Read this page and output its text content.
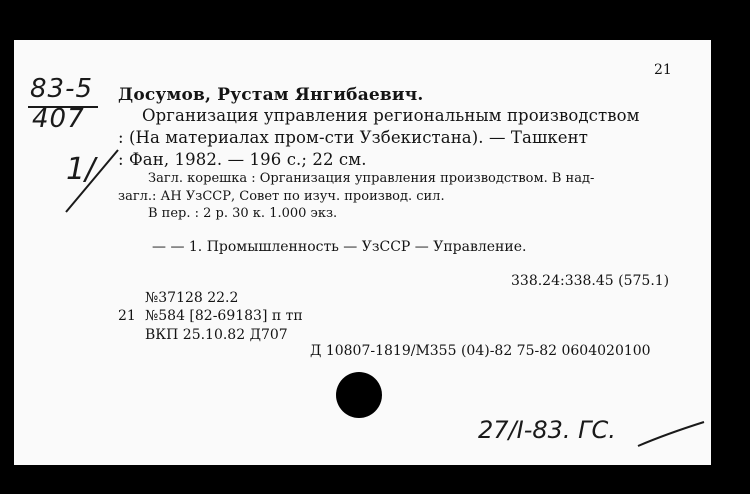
83-5
407
1/
21
Досумов, Рустам Янгибаевич.
Организация управления региональным производством
: (На материалах пром-сти Узбекистана). — Ташкент
: Фан, 1982. — 196 с.; 22 см.
Загл. корешка : Организация управления производством. В над-
загл.: АН УзССР, Совет по изуч. производ. сил.
В пер. : 2 р. 30 к. 1.000 экз.
— — 1. Промышленность — УзССР — Управление.
338.24:338.45 (575.1)
№37128 22.2
21 №584 [82-69183] п тп
ВКП 25.10.82 Д707
Д 10807-1819/М355 (04)-82 75-82 0604020100
27/I-83. ГС.
